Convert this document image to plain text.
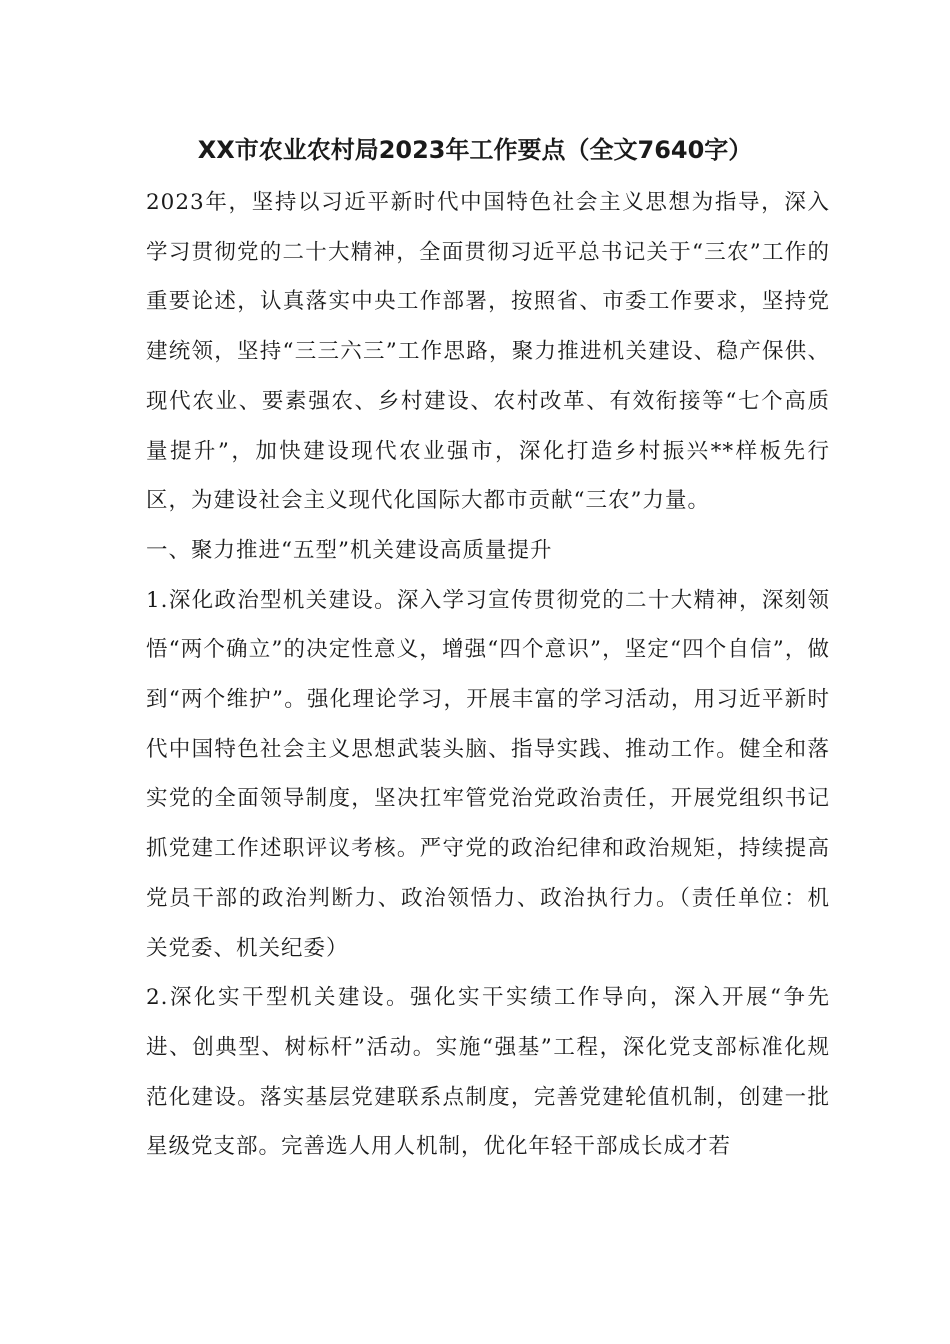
XX市农业农村局2023年工作要点（全文7640字）

2023年，坚持以习近平新时代中国特色社会主义思想为指导，深入学习贯彻党的二十大精神，全面贯彻习近平总书记关于“三农”工作的重要论述，认真落实中央工作部署，按照省、市委工作要求，坚持党建统领，坚持“三三六三”工作思路，聚力推进机关建设、稳产保供、现代农业、要素强农、乡村建设、农村改革、有效衔接等“七个高质量提升”，加快建设现代农业强市，深化打造乡村振兴**样板先行区，为建设社会主义现代化国际大都市贡献“三农”力量。

一、聚力推进“五型”机关建设高质量提升

1.深化政治型机关建设。深入学习宣传贯彻党的二十大精神，深刻领悟“两个确立”的决定性意义，增强“四个意识”，坚定“四个自信”，做到“两个维护”。强化理论学习，开展丰富的学习活动，用习近平新时代中国特色社会主义思想武装头脑、指导实践、推动工作。健全和落实党的全面领导制度，坚决扛牢管党治党政治责任，开展党组织书记抓党建工作述职评议考核。严守党的政治纪律和政治规矩，持续提高党员干部的政治判断力、政治领悟力、政治执行力。（责任单位：机关党委、机关纪委）

2.深化实干型机关建设。强化实干实绩工作导向，深入开展“争先进、创典型、树标杆”活动。实施“强基”工程，深化党支部标准化规范化建设。落实基层党建联系点制度，完善党建轮值机制，创建一批星级党支部。完善选人用人机制，优化年轻干部成长成才若
